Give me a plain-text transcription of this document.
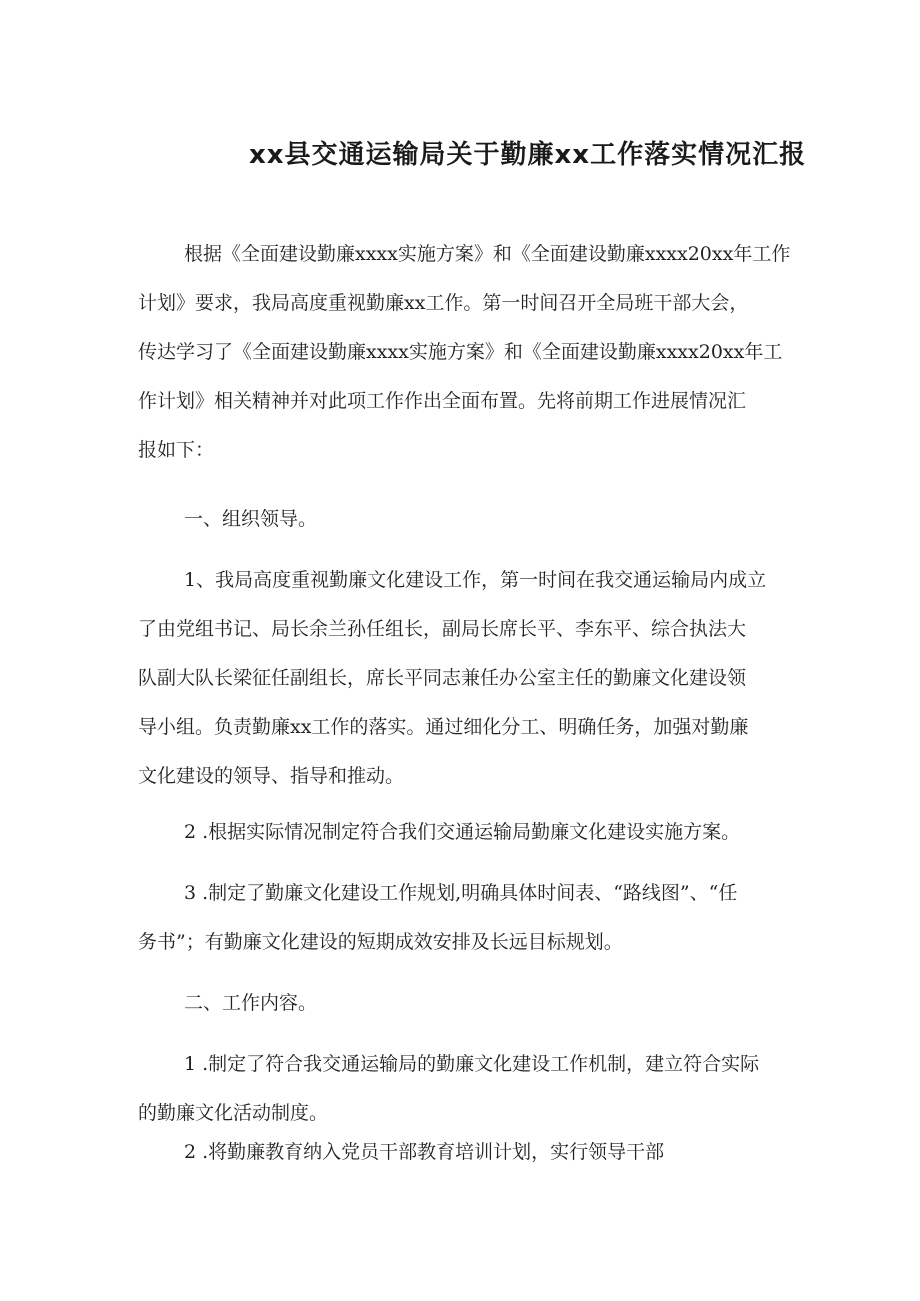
xx县交通运输局关于勤廉xx工作落实情况汇报
根据《全面建设勤廉xxxx实施方案》和《全面建设勤廉xxxx20xx年工作
计划》要求，我局高度重视勤廉xx工作。第一时间召开全局班干部大会，
传达学习了《全面建设勤廉xxxx实施方案》和《全面建设勤廉xxxx20xx年工
作计划》相关精神并对此项工作作出全面布置。先将前期工作进展情况汇
报如下：
一、组织领导。
1、我局高度重视勤廉文化建设工作，第一时间在我交通运输局内成立
了由党组书记、局长余兰孙任组长，副局长席长平、李东平、综合执法大
队副大队长梁征任副组长，席长平同志兼任办公室主任的勤廉文化建设领
导小组。负责勤廉xx工作的落实。通过细化分工、明确任务，加强对勤廉
文化建设的领导、指导和推动。
2 .根据实际情况制定符合我们交通运输局勤廉文化建设实施方案。
3 .制定了勤廉文化建设工作规划,明确具体时间表、“路线图”、“任
务书”；有勤廉文化建设的短期成效安排及长远目标规划。
二、工作内容。
1 .制定了符合我交通运输局的勤廉文化建设工作机制，建立符合实际
的勤廉文化活动制度。
2 .将勤廉教育纳入党员干部教育培训计划，实行领导干部
